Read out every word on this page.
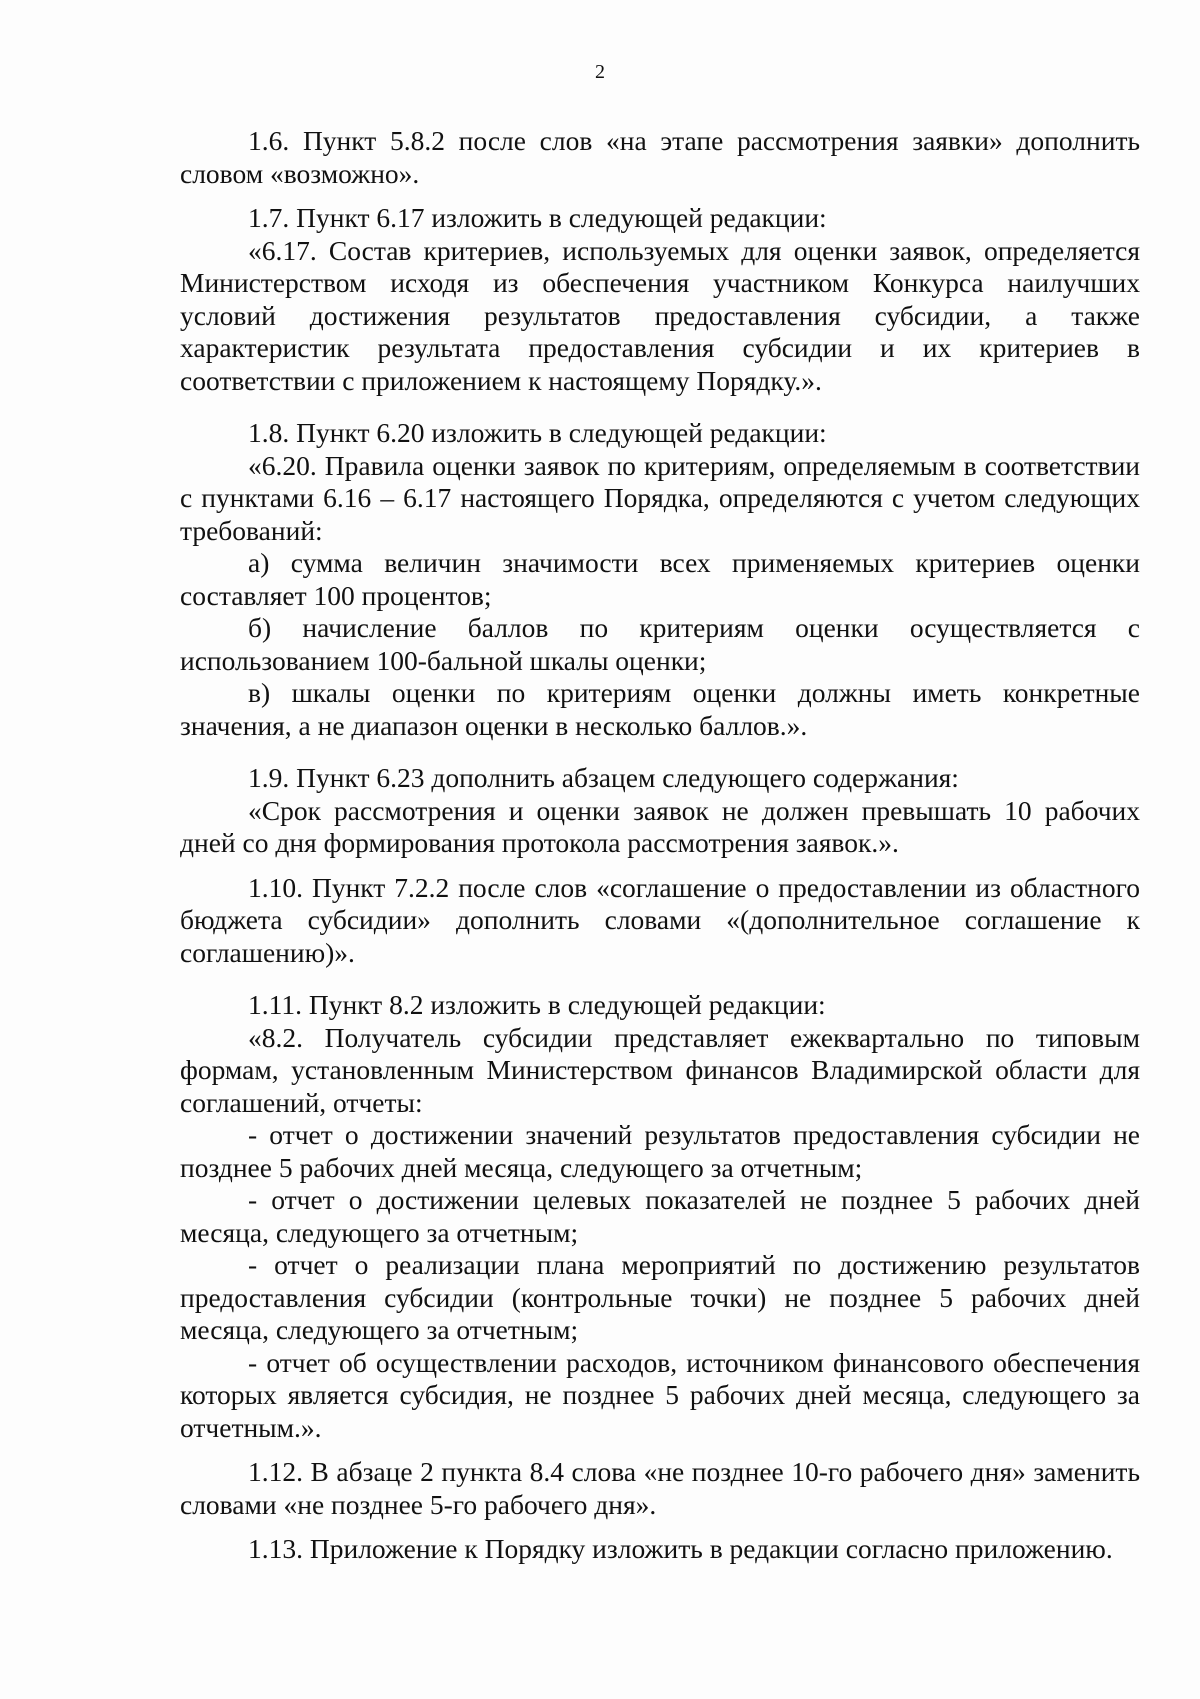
2

1.6. Пункт 5.8.2 после слов «на этапе рассмотрения заявки» дополнить словом «возможно».

1.7. Пункт 6.17 изложить в следующей редакции:

«6.17. Состав критериев, используемых для оценки заявок, определяется Министерством исходя из обеспечения участником Конкурса наилучших условий достижения результатов предоставления субсидии, а также характеристик результата предоставления субсидии и их критериев в соответствии с приложением к настоящему Порядку.».

1.8. Пункт 6.20 изложить в следующей редакции:

«6.20. Правила оценки заявок по критериям, определяемым в соответствии с пунктами 6.16 – 6.17 настоящего Порядка, определяются с учетом следующих требований:

а) сумма величин значимости всех применяемых критериев оценки составляет 100 процентов;

б) начисление баллов по критериям оценки осуществляется с использованием 100-бальной шкалы оценки;

в) шкалы оценки по критериям оценки должны иметь конкретные значения, а не диапазон оценки в несколько баллов.».

1.9. Пункт 6.23 дополнить абзацем следующего содержания:

«Срок рассмотрения и оценки заявок не должен превышать 10 рабочих дней со дня формирования протокола рассмотрения заявок.».

1.10. Пункт 7.2.2 после слов «соглашение о предоставлении из областного бюджета субсидии» дополнить словами «(дополнительное соглашение к соглашению)».

1.11. Пункт 8.2 изложить в следующей редакции:

«8.2. Получатель субсидии представляет ежеквартально по типовым формам, установленным Министерством финансов Владимирской области для соглашений, отчеты:

- отчет о достижении значений результатов предоставления субсидии не позднее 5 рабочих дней месяца, следующего за отчетным;

- отчет о достижении целевых показателей не позднее 5 рабочих дней месяца, следующего за отчетным;

- отчет о реализации плана мероприятий по достижению результатов предоставления субсидии (контрольные точки) не позднее 5 рабочих дней месяца, следующего за отчетным;

- отчет об осуществлении расходов, источником финансового обеспечения которых является субсидия, не позднее 5 рабочих дней месяца, следующего за отчетным.».

1.12. В абзаце 2 пункта 8.4 слова «не позднее 10-го рабочего дня» заменить словами «не позднее 5-го рабочего дня».

1.13. Приложение к Порядку изложить в редакции согласно приложению.
